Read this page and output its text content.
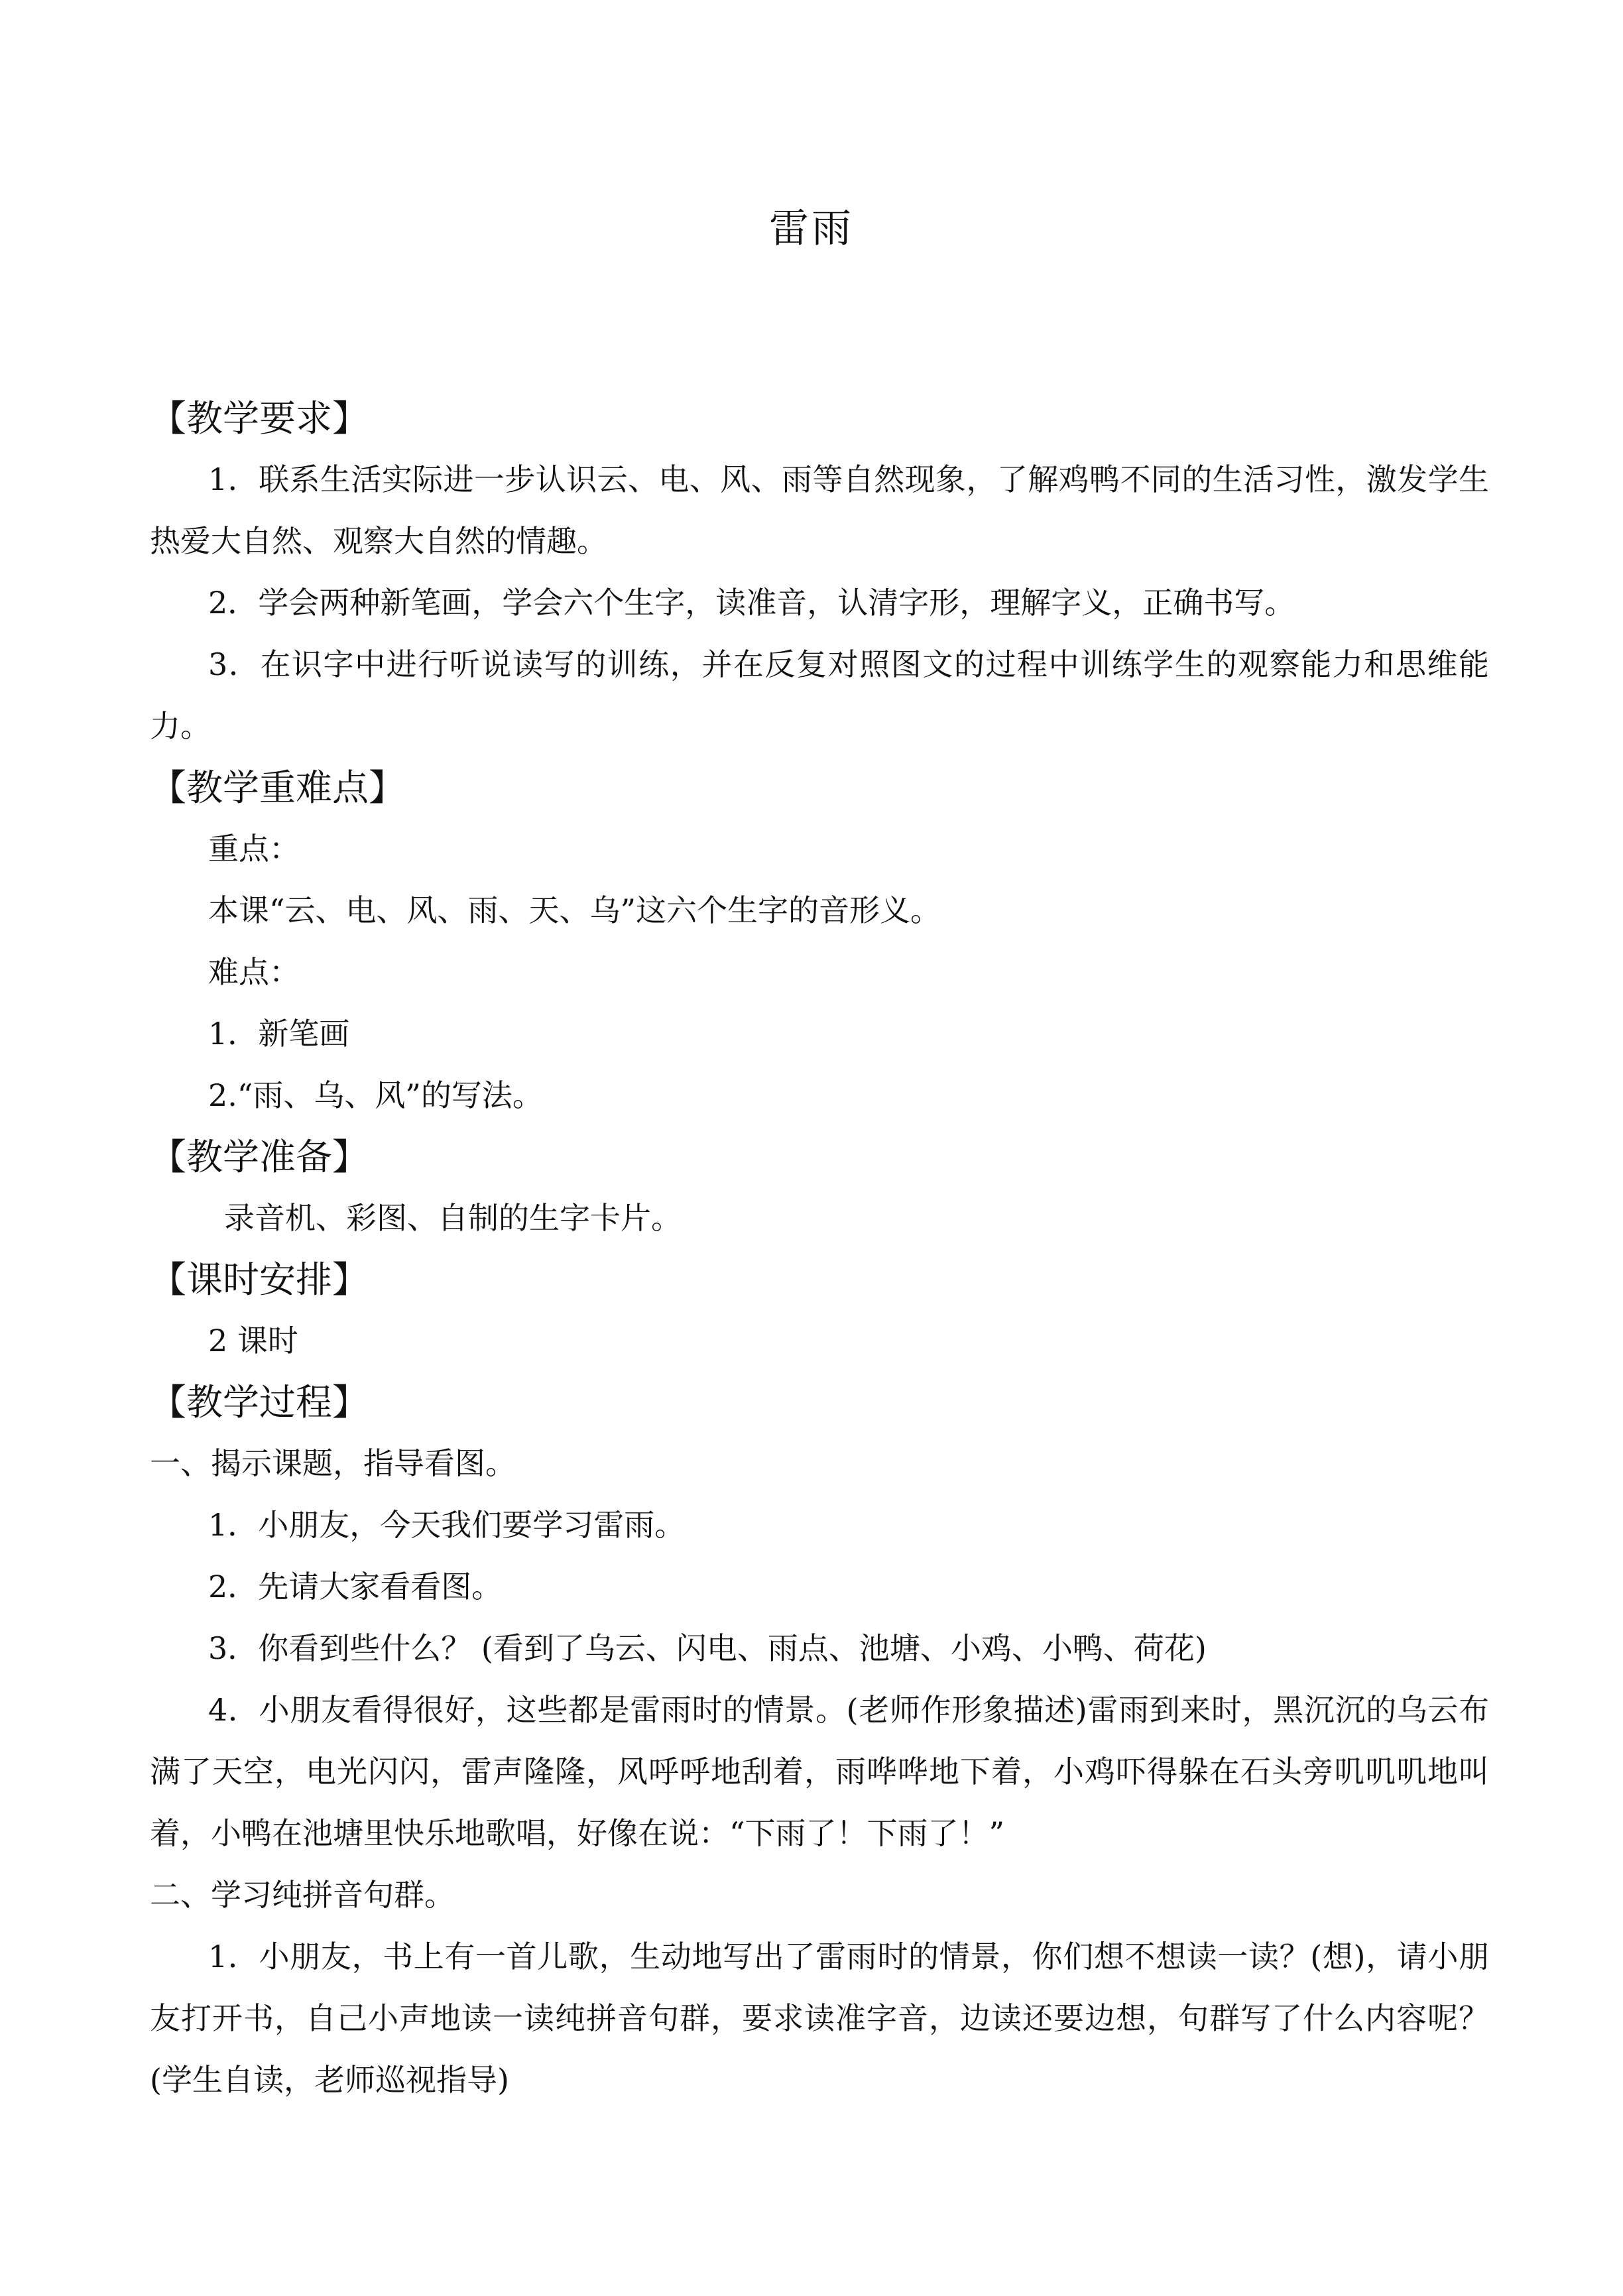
雷雨
【教学要求】

1．联系生活实际进一步认识云、电、风、雨等自然现象，了解鸡鸭不同的生活习性，激发学生热爱大自然、观察大自然的情趣。

2．学会两种新笔画，学会六个生字，读准音，认清字形，理解字义，正确书写。

3．在识字中进行听说读写的训练，并在反复对照图文的过程中训练学生的观察能力和思维能力。

【教学重难点】
重点：
本课“云、电、风、雨、天、乌”这六个生字的音形义。
难点：
1．新笔画
2.“雨、乌、风”的写法。
【教学准备】
录音机、彩图、自制的生字卡片。
【课时安排】
2 课时
【教学过程】
一、揭示课题，指导看图。
1．小朋友，今天我们要学习雷雨。
2．先请大家看看图。
3．你看到些什么？ (看到了乌云、闪电、雨点、池塘、小鸡、小鸭、荷花)

4．小朋友看得很好，这些都是雷雨时的情景。(老师作形象描述)雷雨到来时，黑沉沉的乌云布满了天空，电光闪闪，雷声隆隆，风呼呼地刮着，雨哗哗地下着，小鸡吓得躲在石头旁叽叽叽地叫着，小鸭在池塘里快乐地歌唱，好像在说：“下雨了！下雨了！”

二、学习纯拼音句群。

1．小朋友，书上有一首儿歌，生动地写出了雷雨时的情景，你们想不想读一读？(想)，请小朋友打开书，自己小声地读一读纯拼音句群，要求读准字音，边读还要边想，句群写了什么内容呢？(学生自读，老师巡视指导)
